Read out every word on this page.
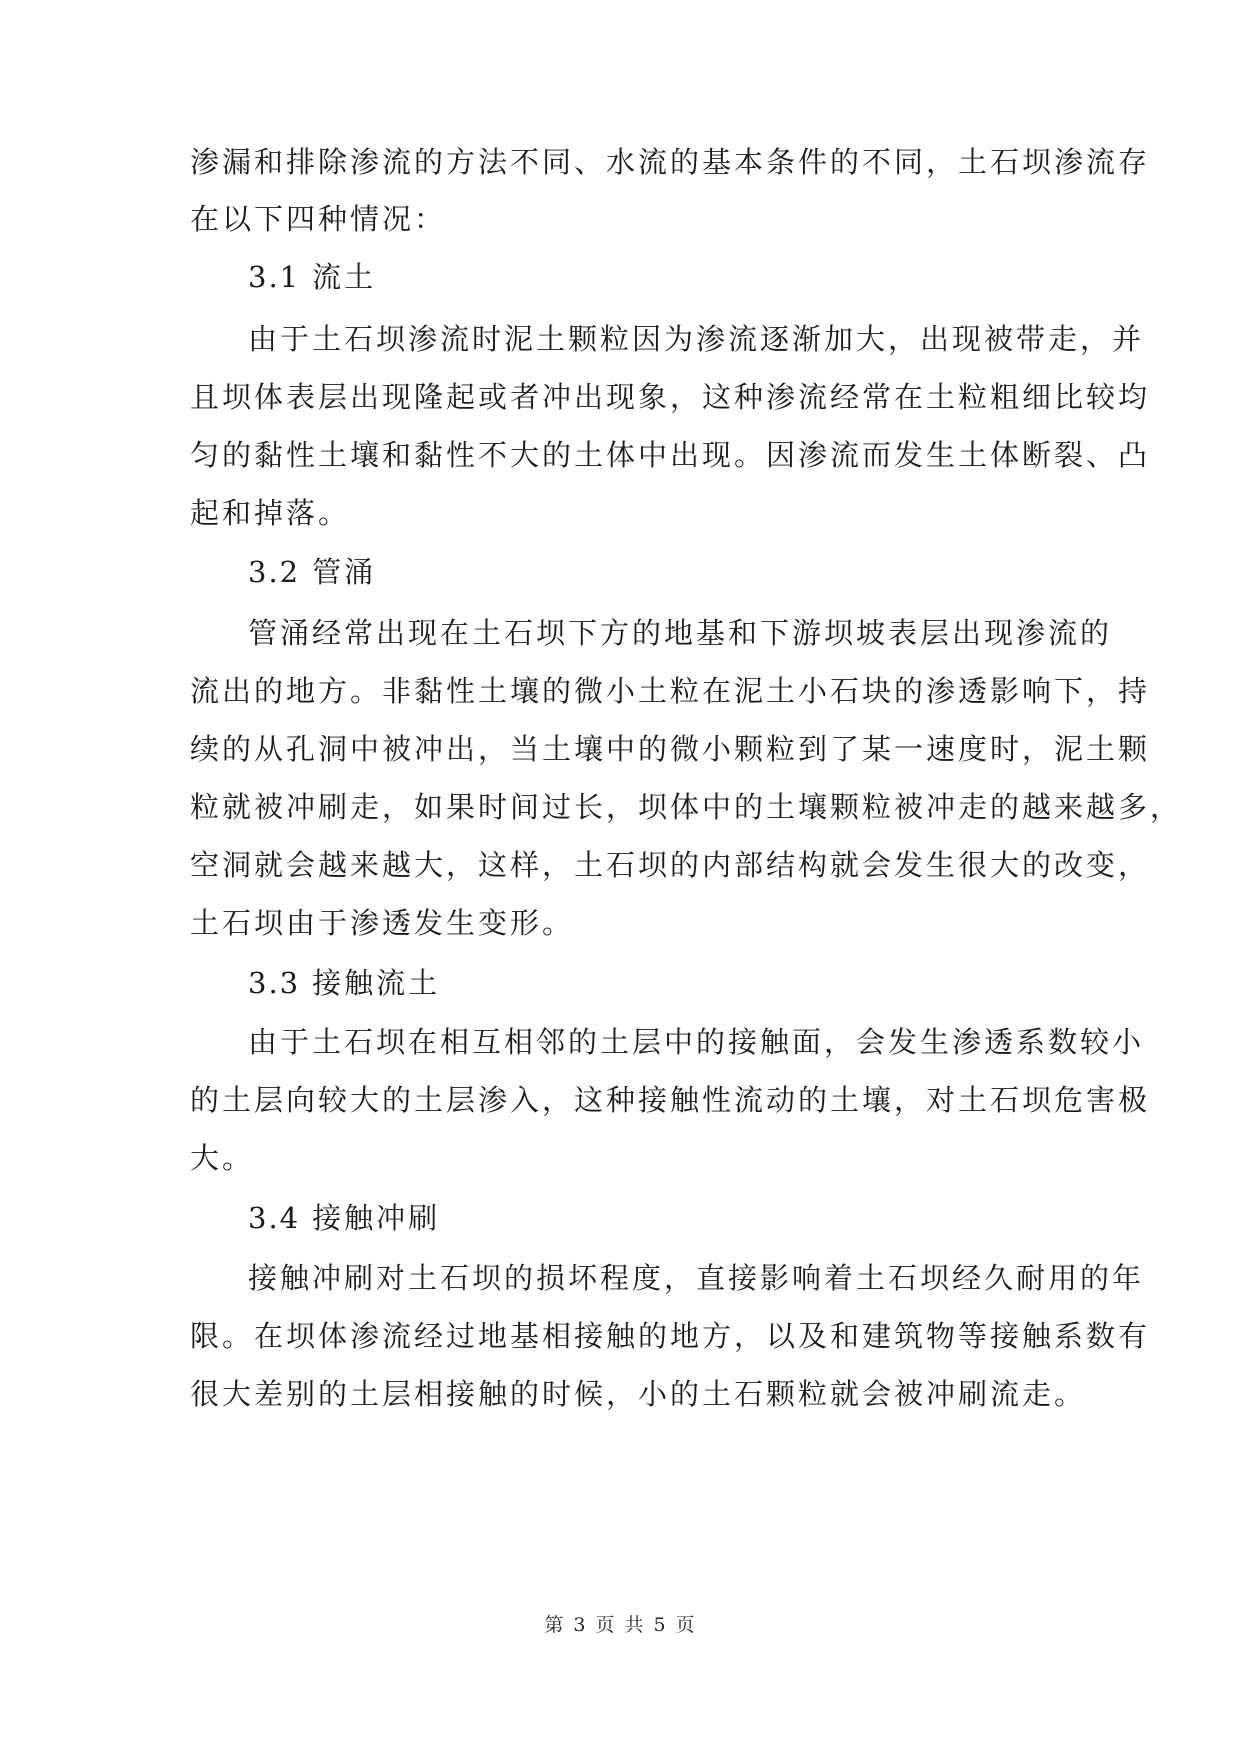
渗漏和排除渗流的方法不同、水流的基本条件的不同，土石坝渗流存
在以下四种情况：
3.1 流土
由于土石坝渗流时泥土颗粒因为渗流逐渐加大，出现被带走，并
且坝体表层出现隆起或者冲出现象，这种渗流经常在土粒粗细比较均
匀的黏性土壤和黏性不大的土体中出现。因渗流而发生土体断裂、凸
起和掉落。
3.2 管涌
管涌经常出现在土石坝下方的地基和下游坝坡表层出现渗流的
流出的地方。非黏性土壤的微小土粒在泥土小石块的渗透影响下，持
续的从孔洞中被冲出，当土壤中的微小颗粒到了某一速度时，泥土颗
粒就被冲刷走，如果时间过长，坝体中的土壤颗粒被冲走的越来越多，
空洞就会越来越大，这样，土石坝的内部结构就会发生很大的改变，
土石坝由于渗透发生变形。
3.3 接触流土
由于土石坝在相互相邻的土层中的接触面，会发生渗透系数较小
的土层向较大的土层渗入，这种接触性流动的土壤，对土石坝危害极
大。
3.4 接触冲刷
接触冲刷对土石坝的损坏程度，直接影响着土石坝经久耐用的年
限。在坝体渗流经过地基相接触的地方，以及和建筑物等接触系数有
很大差别的土层相接触的时候，小的土石颗粒就会被冲刷流走。
第 3 页 共 5 页
